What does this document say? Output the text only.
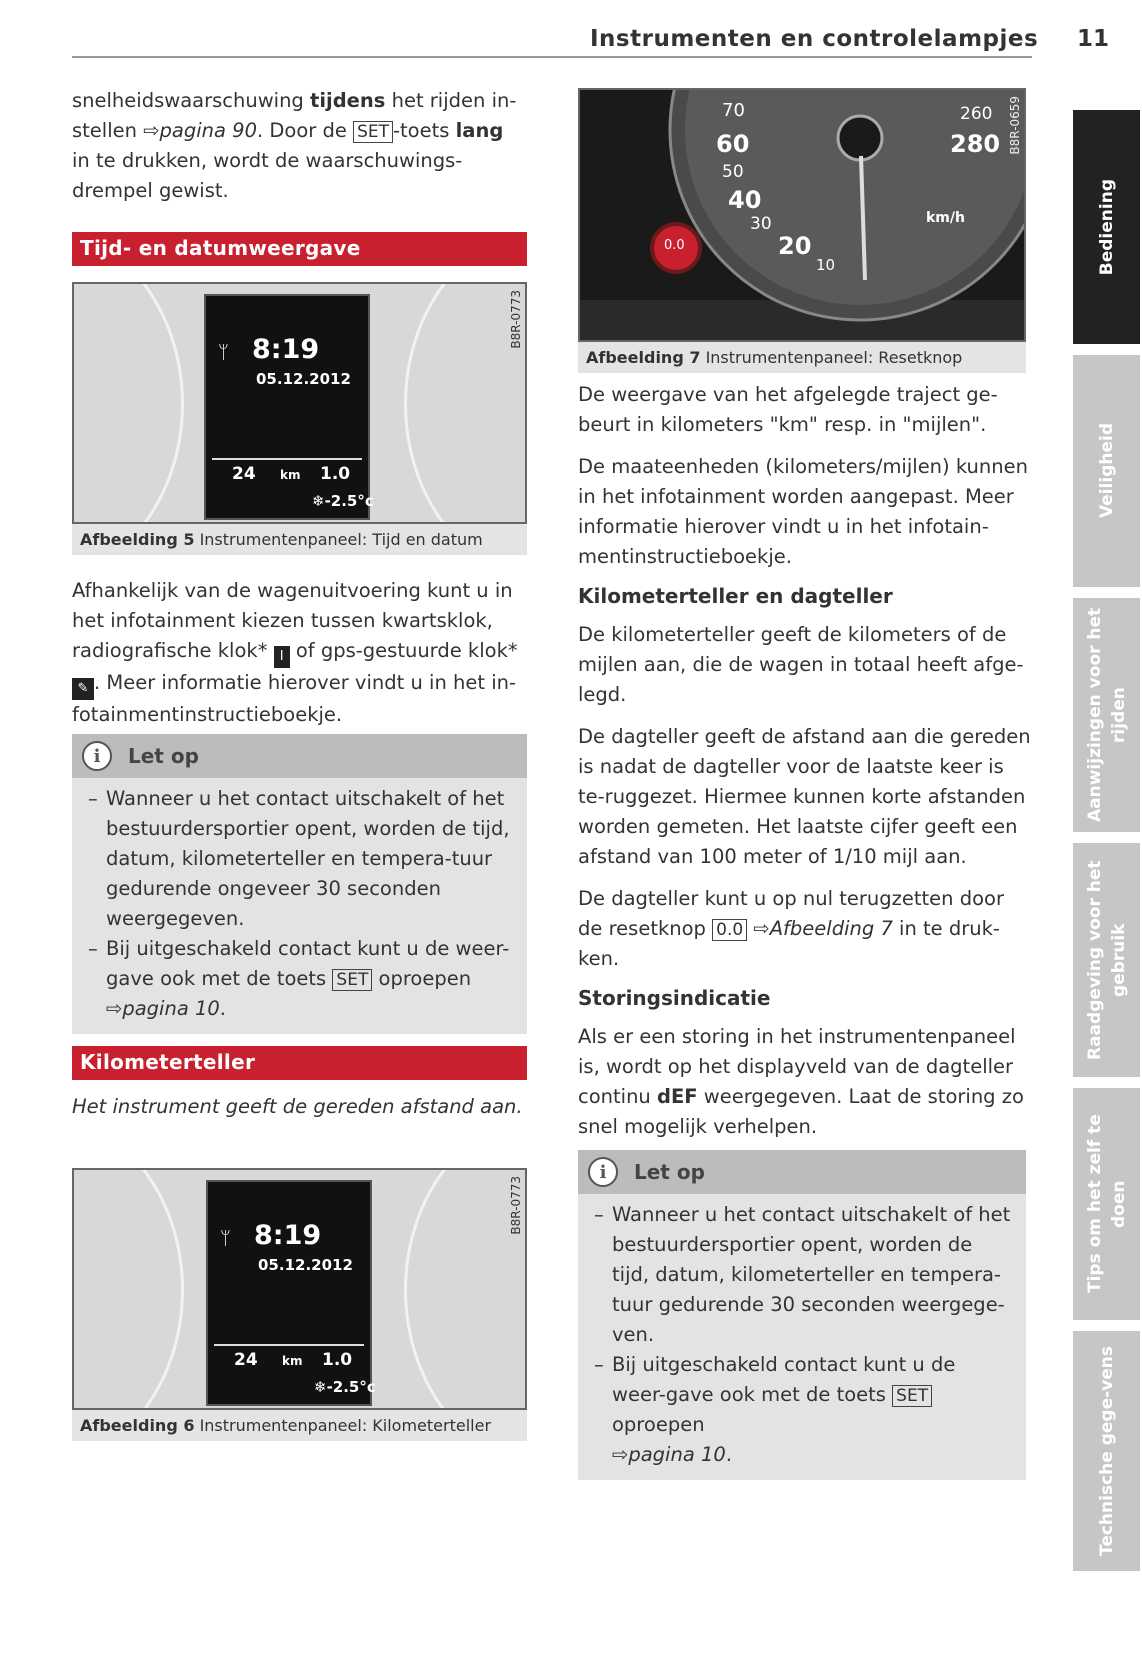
Instrumenten en controlelampjes 11

snelheidswaarschuwing tijdens het rijden in-stellen ⇨pagina 90. Door de SET -toets lang in te drukken, wordt de waarschuwings-drempel gewist.

Tijd- en datumweergave
ᛘ 8:19
05.12.2012
24 km 1.0
❄-2.5°c
B8R-0773
Afbeelding 5 Instrumentenpaneel: Tijd en datum

Afhankelijk van de wagenuitvoering kunt u in het infotainment kiezen tussen kwartsklok, radiografische klok* I of gps-gestuurde klok* ✎ . Meer informatie hierover vindt u in het in-fotainmentinstructieboekje.

i	Let op
– Wanneer u het contact uitschakelt of het bestuurdersportier opent, worden de tijd, datum, kilometerteller en tempera-tuur gedurende ongeveer 30 seconden weergegeven.
– Bij uitgeschakeld contact kunt u de weer-gave ook met de toets SET oproepen
⇨pagina 10.
Kilometerteller

Het instrument geeft de gereden afstand aan.

ᛘ 8:19
05.12.2012
24 km 1.0
❄-2.5°c
B8R-0773
Afbeelding 6 Instrumentenpaneel: Kilometerteller
0.0
70
60
50
40
30
20
10
260
280
km/h
B8R-0659
Afbeelding 7 Instrumentenpaneel: Resetknop

De weergave van het afgelegde traject ge-beurt in kilometers "km" resp. in "mijlen".

De maateenheden (kilometers/mijlen) kunnen in het infotainment worden aangepast. Meer informatie hierover vindt u in het infotain-mentinstructieboekje.

Kilometerteller en dagteller

De kilometerteller geeft de kilometers of de mijlen aan, die de wagen in totaal heeft afge-legd.

De dagteller geeft de afstand aan die gereden is nadat de dagteller voor de laatste keer is te-ruggezet. Hiermee kunnen korte afstanden worden gemeten. Het laatste cijfer geeft een afstand van 100 meter of 1/10 mijl aan.

De dagteller kunt u op nul terugzetten door de resetknop 0.0 ⇨Afbeelding 7 in te druk-ken.

Storingsindicatie

Als er een storing in het instrumentenpaneel is, wordt op het displayveld van de dagteller continu dEF weergegeven. Laat de storing zo snel mogelijk verhelpen.

i	Let op
– Wanneer u het contact uitschakelt of het bestuurdersportier opent, worden de tijd, datum, kilometerteller en tempera-tuur gedurende 30 seconden weergege-ven.
– Bij uitgeschakeld contact kunt u de weer-gave ook met de toets SET oproepen
⇨pagina 10.
Bediening
Veiligheid
Aanwijzingen voor het rijden
Raadgeving voor het gebruik
Tips om het zelf te doen
Technische gege-vens
